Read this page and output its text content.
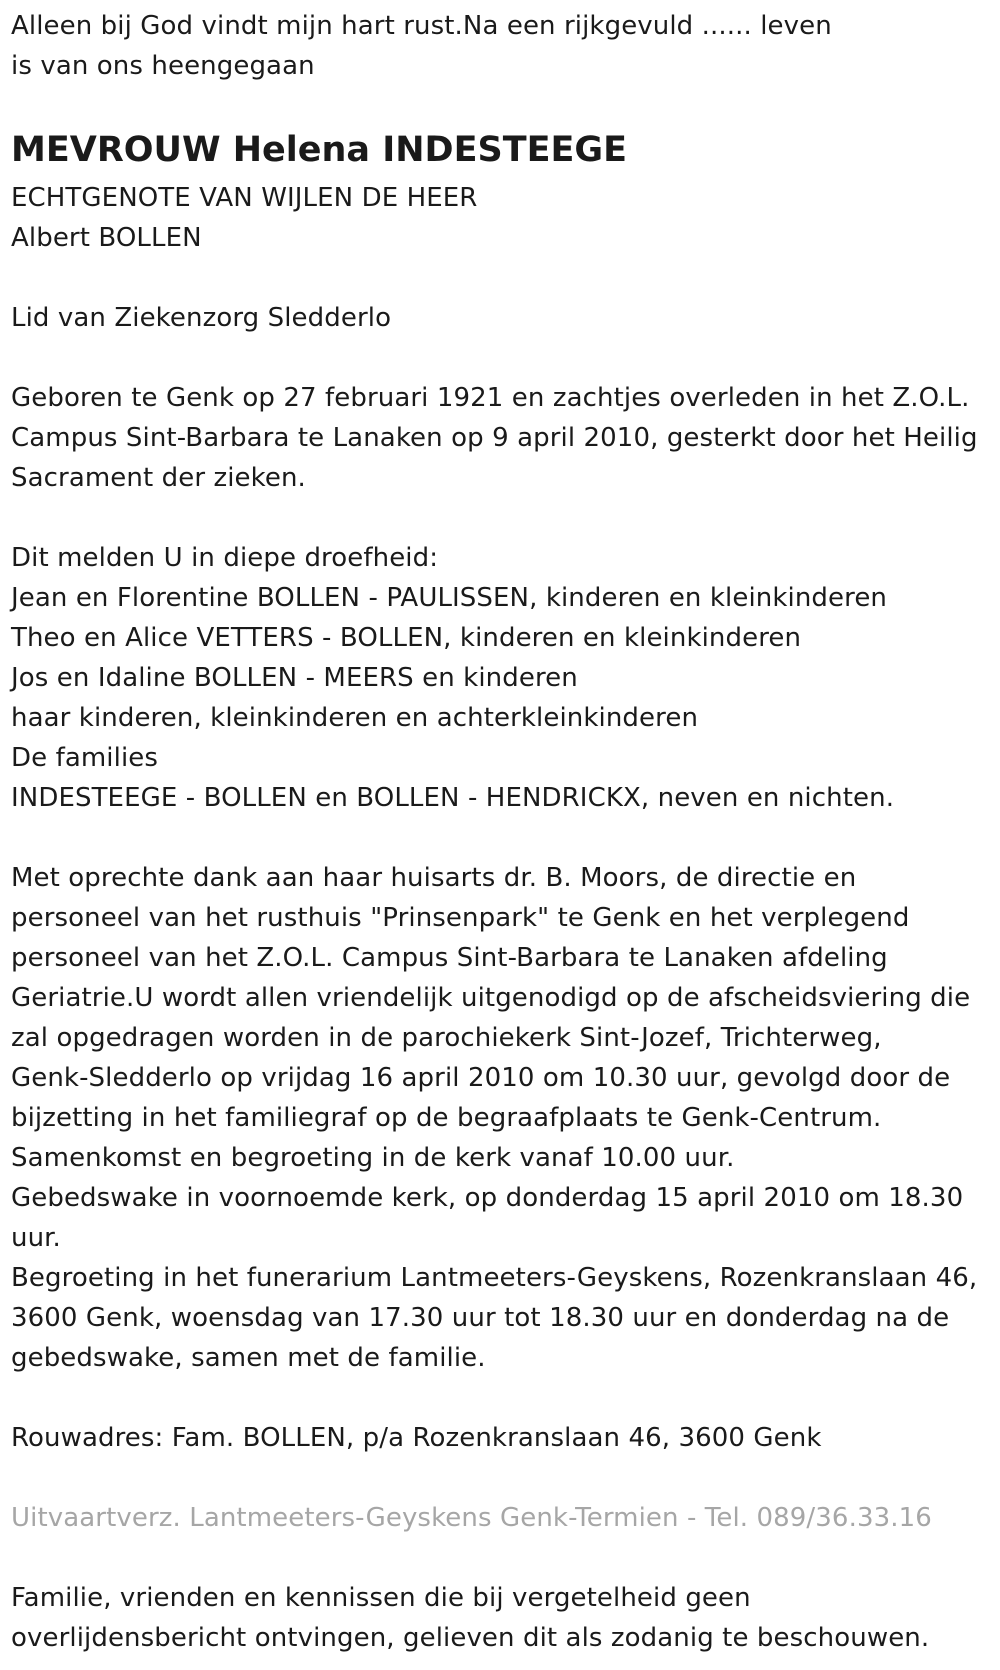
Alleen bij God vindt mijn hart rust.Na een rijkgevuld ...... leven
is van ons heengegaan
MEVROUW Helena INDESTEEGE
ECHTGENOTE VAN WIJLEN DE HEER
Albert BOLLEN
Lid van Ziekenzorg Sledderlo
Geboren te Genk op 27 februari 1921 en zachtjes overleden in het Z.O.L.
Campus Sint-Barbara te Lanaken op 9 april 2010, gesterkt door het Heilig
Sacrament der zieken.
Dit melden U in diepe droefheid:
Jean en Florentine BOLLEN - PAULISSEN, kinderen en kleinkinderen
Theo en Alice VETTERS - BOLLEN, kinderen en kleinkinderen
Jos en Idaline BOLLEN - MEERS en kinderen
haar kinderen, kleinkinderen en achterkleinkinderen
De families
INDESTEEGE - BOLLEN en BOLLEN - HENDRICKX, neven en nichten.
Met oprechte dank aan haar huisarts dr. B. Moors, de directie en
personeel van het rusthuis "Prinsenpark" te Genk en het verplegend
personeel van het Z.O.L. Campus Sint-Barbara te Lanaken afdeling
Geriatrie.U wordt allen vriendelijk uitgenodigd op de afscheidsviering die
zal opgedragen worden in de parochiekerk Sint-Jozef, Trichterweg,
Genk-Sledderlo op vrijdag 16 april 2010 om 10.30 uur, gevolgd door de
bijzetting in het familiegraf op de begraafplaats te Genk-Centrum.
Samenkomst en begroeting in de kerk vanaf 10.00 uur.
Gebedswake in voornoemde kerk, op donderdag 15 april 2010 om 18.30
uur.
Begroeting in het funerarium Lantmeeters-Geyskens, Rozenkranslaan 46,
3600 Genk, woensdag van 17.30 uur tot 18.30 uur en donderdag na de
gebedswake, samen met de familie.
Rouwadres: Fam. BOLLEN, p/a Rozenkranslaan 46, 3600 Genk
Uitvaartverz. Lantmeeters-Geyskens Genk-Termien - Tel. 089/36.33.16
Familie, vrienden en kennissen die bij vergetelheid geen
overlijdensbericht ontvingen, gelieven dit als zodanig te beschouwen.
